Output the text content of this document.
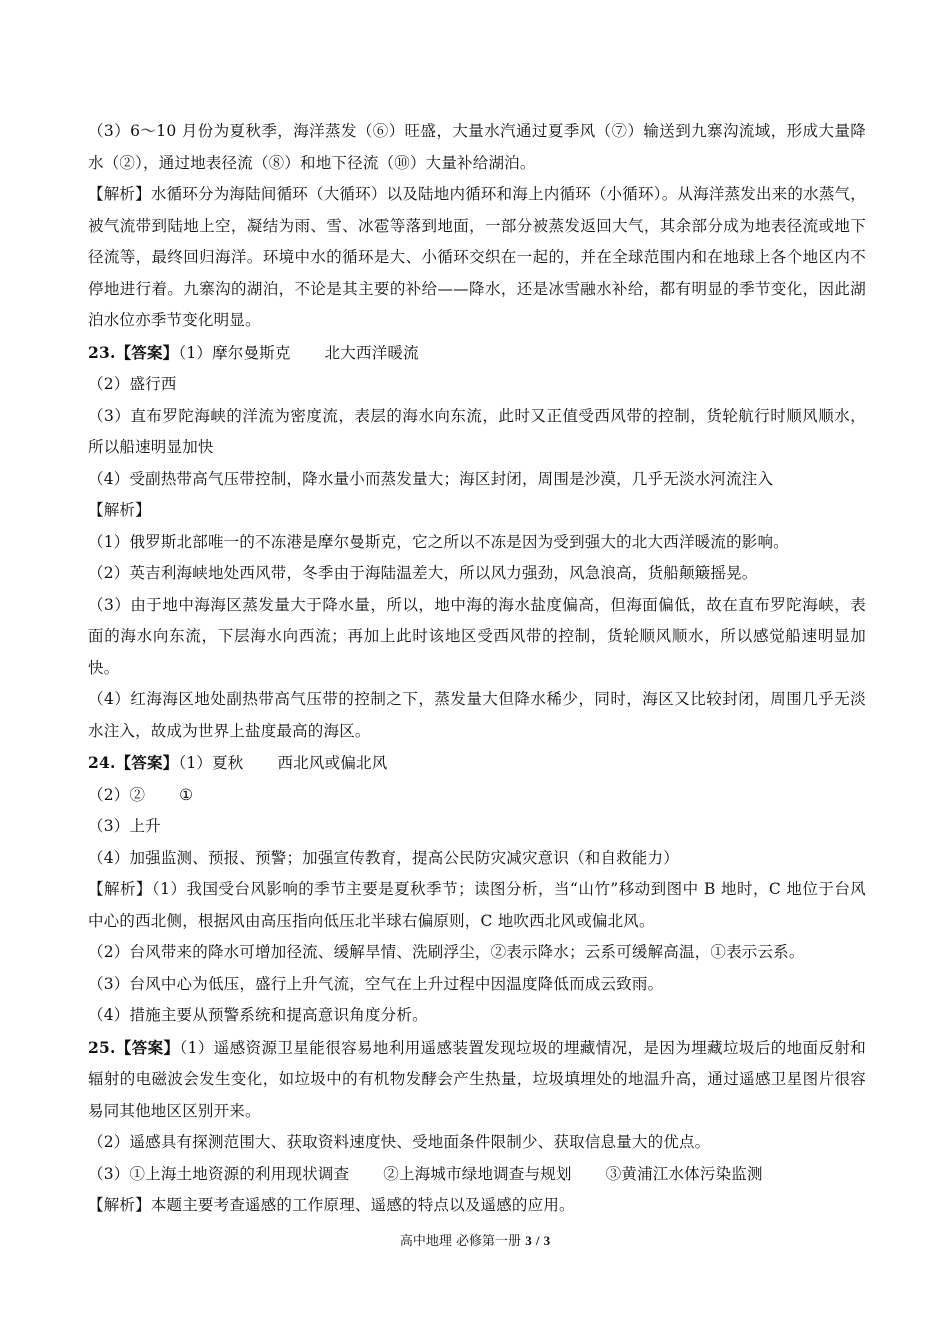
（3）6～10 月份为夏秋季，海洋蒸发（⑥）旺盛，大量水汽通过夏季风（⑦）输送到九寨沟流域，形成大量降水（②），通过地表径流（⑧）和地下径流（⑩）大量补给湖泊。

【解析】水循环分为海陆间循环（大循环）以及陆地内循环和海上内循环（小循环）。从海洋蒸发出来的水蒸气，被气流带到陆地上空，凝结为雨、雪、冰雹等落到地面，一部分被蒸发返回大气，其余部分成为地表径流或地下径流等，最终回归海洋。环境中水的循环是大、小循环交织在一起的，并在全球范围内和在地球上各个地区内不停地进行着。九寨沟的湖泊，不论是其主要的补给——降水，还是冰雪融水补给，都有明显的季节变化，因此湖泊水位亦季节变化明显。

23.【答案】（1）摩尔曼斯克 北大西洋暖流

（2）盛行西

（3）直布罗陀海峡的洋流为密度流，表层的海水向东流，此时又正值受西风带的控制，货轮航行时顺风顺水，所以船速明显加快

（4）受副热带高气压带控制，降水量小而蒸发量大；海区封闭，周围是沙漠，几乎无淡水河流注入

【解析】

（1）俄罗斯北部唯一的不冻港是摩尔曼斯克，它之所以不冻是因为受到强大的北大西洋暖流的影响。

（2）英吉利海峡地处西风带，冬季由于海陆温差大，所以风力强劲，风急浪高，货船颠簸摇晃。

（3）由于地中海海区蒸发量大于降水量，所以，地中海的海水盐度偏高，但海面偏低，故在直布罗陀海峡，表面的海水向东流，下层海水向西流；再加上此时该地区受西风带的控制，货轮顺风顺水，所以感觉船速明显加快。

（4）红海海区地处副热带高气压带的控制之下，蒸发量大但降水稀少，同时，海区又比较封闭，周围几乎无淡水注入，故成为世界上盐度最高的海区。

24.【答案】（1）夏秋 西北风或偏北风

（2）② ①

（3）上升

（4）加强监测、预报、预警；加强宣传教育，提高公民防灾减灾意识（和自救能力）

【解析】（1）我国受台风影响的季节主要是夏秋季节；读图分析，当“山竹”移动到图中 B 地时，C 地位于台风中心的西北侧，根据风由高压指向低压北半球右偏原则，C 地吹西北风或偏北风。

（2）台风带来的降水可增加径流、缓解旱情、洗刷浮尘，②表示降水；云系可缓解高温，①表示云系。

（3）台风中心为低压，盛行上升气流，空气在上升过程中因温度降低而成云致雨。

（4）措施主要从预警系统和提高意识角度分析。

25.【答案】（1）遥感资源卫星能很容易地利用遥感装置发现垃圾的埋藏情况，是因为埋藏垃圾后的地面反射和辐射的电磁波会发生变化，如垃圾中的有机物发酵会产生热量，垃圾填埋处的地温升高，通过遥感卫星图片很容易同其他地区区别开来。

（2）遥感具有探测范围大、获取资料速度快、受地面条件限制少、获取信息量大的优点。

（3）①上海土地资源的利用现状调查 ②上海城市绿地调查与规划 ③黄浦江水体污染监测

【解析】本题主要考查遥感的工作原理、遥感的特点以及遥感的应用。

高中地理 必修第一册 3 / 3
